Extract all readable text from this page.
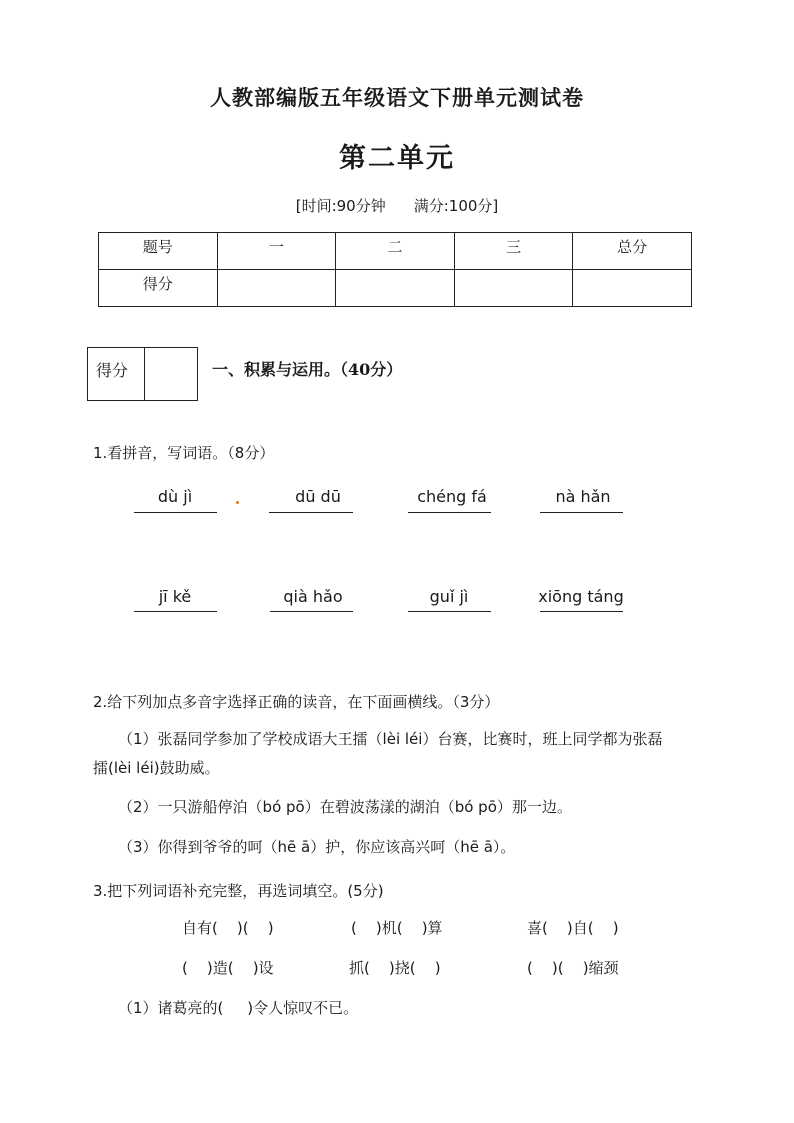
人教部编版五年级语文下册单元测试卷
第二单元
[时间:90分钟 满分:100分]
题号	一	二	三	总分
得分				
得分	一、积累与运用。（40分）
1.看拼音，写词语。（8分）
dù jì	dū dū	chéng fá	nà hǎn
jī kě	qià hǎo	guǐ jì	xiōng táng
2.给下列加点多音字选择正确的读音，在下面画横线。（3分）
（1）张磊同学参加了学校成语大王擂（lèi léi）台赛，比赛时，班上同学都为张磊
擂(lèi léi)鼓助威。
（2）一只游船停泊（bó pō）在碧波荡漾的湖泊（bó pō）那一边。
（3）你得到爷爷的呵（hē ā）护，你应该高兴呵（hē ā）。
3.把下列词语补充完整，再选词填空。(5分)
自有(    )(    )	(    )机(    )算	喜(    )自(    )
(    )造(    )设	抓(    )挠(    )	(    )(    )缩颈
（1）诸葛亮的(     )令人惊叹不已。
